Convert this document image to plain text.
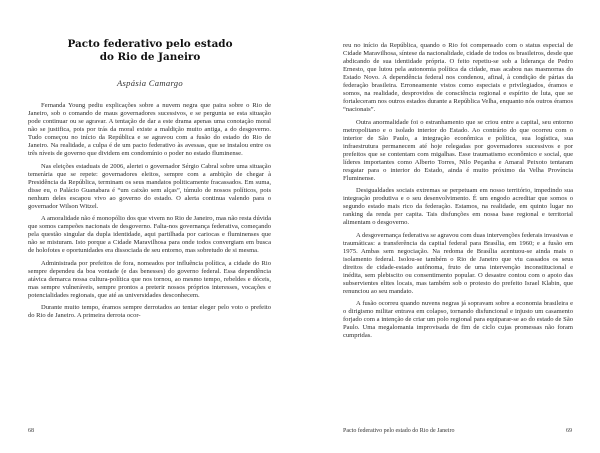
Pacto federativo pelo estado
do Rio de Janeiro
Aspásia Camargo

Fernanda Young pediu explicações sobre a nuvem negra que paira sobre o Rio de Janeiro, sob o comando de maus governadores sucessivos, e se pergunta se esta situação pode continuar ou se agravar. A tentação de dar a este drama apenas uma conotação moral não se justifica, pois por trás da moral existe a maldição muito antiga, a do desgoverno. Tudo começou no início da República e se agravou com a fusão do estado do Rio de Janeiro. Na realidade, a culpa é de um pacto federativo às avessas, que se instalou entre os três níveis de governo que dividem em condomínio o poder no estado fluminense.

Nas eleições estaduais de 2006, alertei o governador Sérgio Cabral sobre uma situação temerária que se repete: governadores eleitos, sempre com a ambição de chegar à Presidência da República, terminam os seus mandatos politicamente fracassados. Em suma, disse eu, o Palácio Guanabara é “um caixão sem alças”, túmulo de nossos políticos, pois nenhum deles escapou vivo ao governo do estado. O alerta continua valendo para o governador Wilson Witzel.

A amoralidade não é monopólio dos que vivem no Rio de Janeiro, mas não resta dúvida que somos campeões nacionais de desgoverno. Falta-nos governança federativa, começando pela questão singular da dupla identidade, aqui partilhada por cariocas e fluminenses que não se misturam. Isto porque a Cidade Maravilhosa para onde todos convergiam em busca de holofotes e oportunidades era dissociada de seu entorno, mas sobretudo de si mesma.

Administrada por prefeitos de fora, nomeados por influência política, a cidade do Rio sempre dependeu da boa vontade (e das benesses) do governo federal. Essa dependência atávica demarca nossa cultura-política que nos tornou, ao mesmo tempo, rebeldes e dóceis, mas sempre vulneráveis, sempre prontos a preterir nossos próprios interesses, vocações e potencialidades regionais, que até as universidades desconhecem.

Durante muito tempo, éramos sempre derrotados ao tentar eleger pelo voto o prefeito do Rio de Janeiro. A primeira derrota ocor-

68

reu no início da República, quando o Rio foi compensado com o status especial de Cidade Maravilhosa, síntese da nacionalidade, cidade de todos os brasileiros, desde que abdicando de sua identidade própria. O feito repetiu-se sob a liderança de Pedro Ernesto, que lutou pela autonomia política da cidade, mas acabou nas masmorras do Estado Novo. A dependência federal nos condenou, afinal, à condição de párias da federação brasileira. Erroneamente vistos como especiais e privilegiados, éramos e somos, na realidade, desprovidos de consciência regional e espírito de luta, que se fortaleceram nos outros estados durante a República Velha, enquanto nós outros éramos “nacionais”.

Outra anormalidade foi o estranhamento que se criou entre a capital, seu entorno metropolitano e o isolado interior do Estado. Ao contrário do que ocorreu com o interior de São Paulo, a integração econômica e política, sua logística, sua infraestrutura permanecem até hoje relegadas por governadores sucessivos e por prefeitos que se contentam com migalhas. Esse traumatismo econômico e social, que líderes importantes como Alberto Torres, Nilo Peçanha e Amaral Peixoto tentaram resgatar para o interior do Estado, ainda é muito próximo da Velha Província Fluminense.

Desigualdades sociais extremas se perpetuam em nosso território, impedindo sua integração produtiva e o seu desenvolvimento. É um engodo acreditar que somos o segundo estado mais rico da federação. Estamos, na realidade, em quinto lugar no ranking da renda per capita. Tais disfunções em nossa base regional e territorial alimentam o desgoverno.

A desgovernança federativa se agravou com duas intervenções federais invasivas e traumáticas: a transferência da capital federal para Brasília, em 1960; e a fusão em 1975. Ambas sem negociação. Na redoma de Brasília acentuou-se ainda mais o isolamento federal. Isolou-se também o Rio de Janeiro que viu cassados os seus direitos de cidade-estado autônoma, fruto de uma intervenção inconstitucional e inédita, sem plebiscito ou consentimento popular. O desastre contou com o apoio das subservientes elites locais, mas também sob o protesto do prefeito Israel Klabin, que renunciou ao seu mandato.

A fusão ocorreu quando nuvens negras já sopravam sobre a economia brasileira e o dirigismo militar entrava em colapso, tornando disfuncional e injusto um casamento forjado com a intenção de criar um polo regional para equiparar-se ao do estado de São Paulo. Uma megalomania improvisada de fim de ciclo cujas promessas não foram cumpridas.

Pacto federativo pelo estado do Rio de Janeiro	69
